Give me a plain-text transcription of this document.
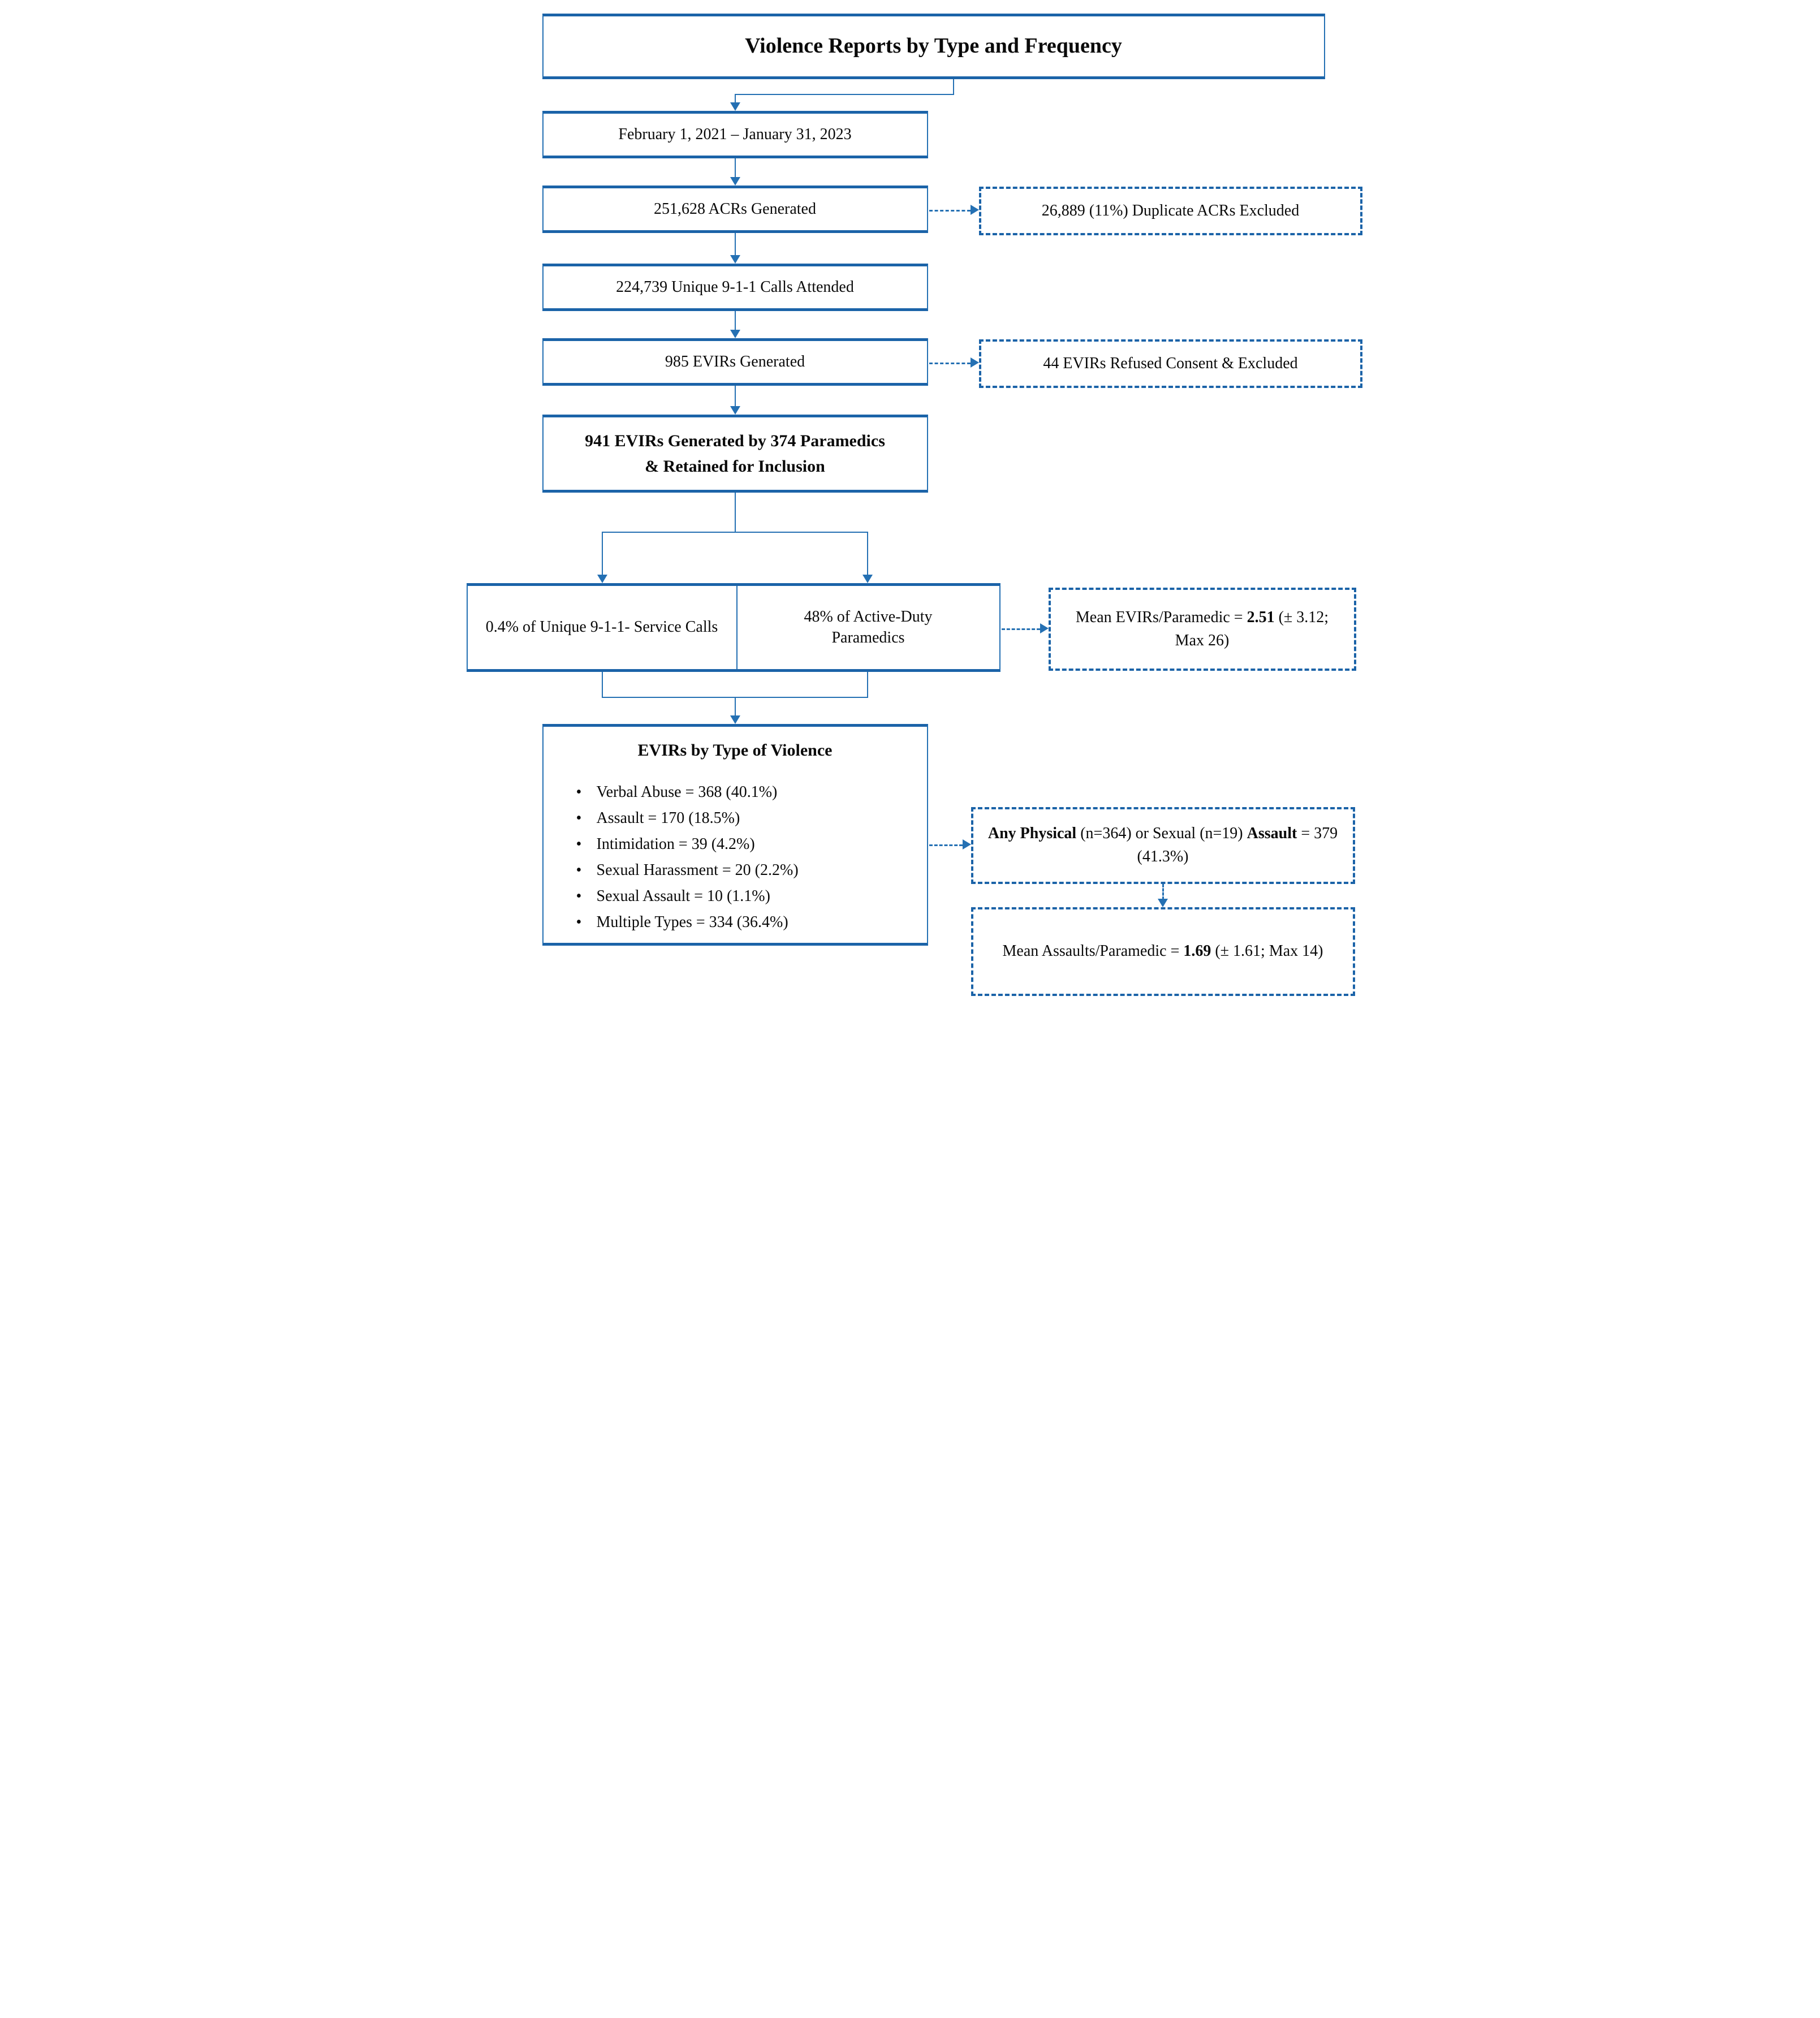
Violence Reports by Type and Frequency
February 1, 2021 – January 31, 2023
251,628 ACRs Generated
224,739 Unique 9-1-1 Calls Attended
985 EVIRs Generated
941 EVIRs Generated by 374 Paramedics
& Retained for Inclusion
0.4% of Unique 9-1-1- Service Calls
48% of Active-Duty Paramedics
EVIRs by Type of Violence
• Verbal Abuse = 368 (40.1%)
• Assault = 170 (18.5%)
• Intimidation = 39 (4.2%)
• Sexual Harassment = 20 (2.2%)
• Sexual Assault = 10 (1.1%)
• Multiple Types = 334 (36.4%)
26,889 (11%) Duplicate ACRs Excluded
44 EVIRs Refused Consent & Excluded
Mean EVIRs/Paramedic = 2.51 (± 3.12; Max 26)
Any Physical (n=364) or Sexual (n=19) Assault = 379 (41.3%)
Mean Assaults/Paramedic = 1.69 (± 1.61; Max 14)
